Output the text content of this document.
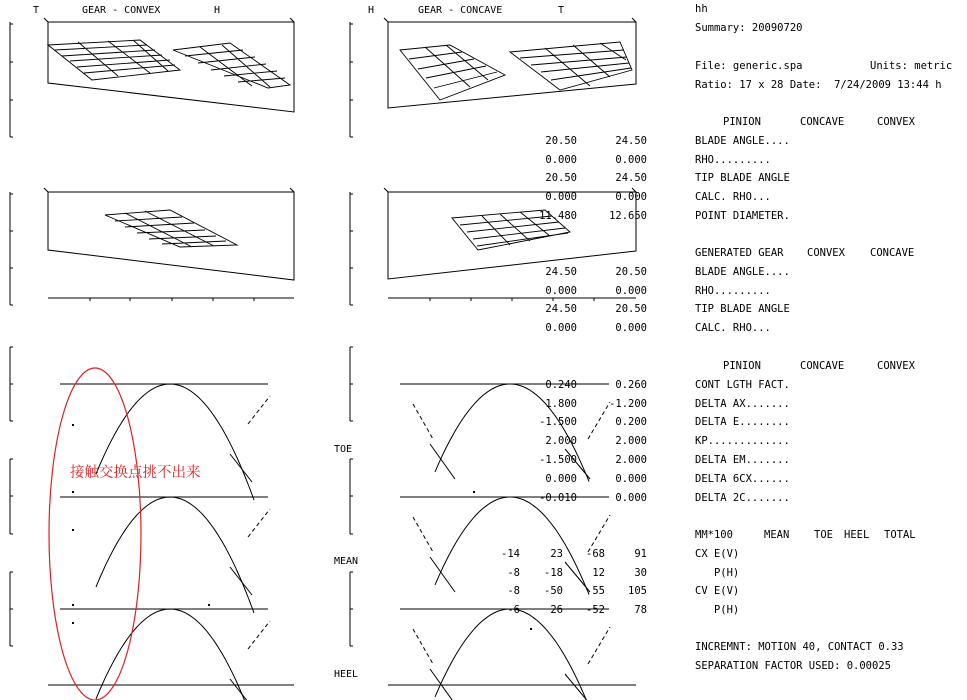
T	GEAR - CONVEX	H	H	GEAR - CONCAVE	T
TOE
MEAN
HEEL
接触交换点挑不出来
hh
Summary: 20090720
File: generic.spa	Units: metric
Ratio: 17 x 28 Date:  7/24/2009 13:44 h
PINION	CONCAVE	CONVEX
BLADE ANGLE....
20.50	24.50
RHO.........
0.000	0.000
TIP BLADE ANGLE
20.50	24.50
CALC. RHO...
0.000	0.000
POINT DIAMETER.
11.480	12.650
GENERATED GEAR CONVEX CONCAVE
BLADE ANGLE....
24.50	20.50
RHO.........
0.000	0.000
TIP BLADE ANGLE
24.50	20.50
CALC. RHO...
0.000	0.000
PINION	CONCAVE	CONVEX
CONT LGTH FACT.
0.240	0.260
DELTA AX.......
1.800	-1.200
DELTA E........
-1.500	0.200
KP.............
2.000	2.000
DELTA EM.......
-1.500	2.000
DELTA 6CX......
0.000	0.000
DELTA 2C.......
-0.010	0.000
MM*100	MEAN TOE HEEL TOTAL
CX E(V)
-14	23 -68	91
P(H)
-8 -18	12	30
CV E(V)
-8 -50	55 105
P(H)
-6	26 -52	78
INCREMNT: MOTION 40, CONTACT 0.33
SEPARATION FACTOR USED: 0.00025
